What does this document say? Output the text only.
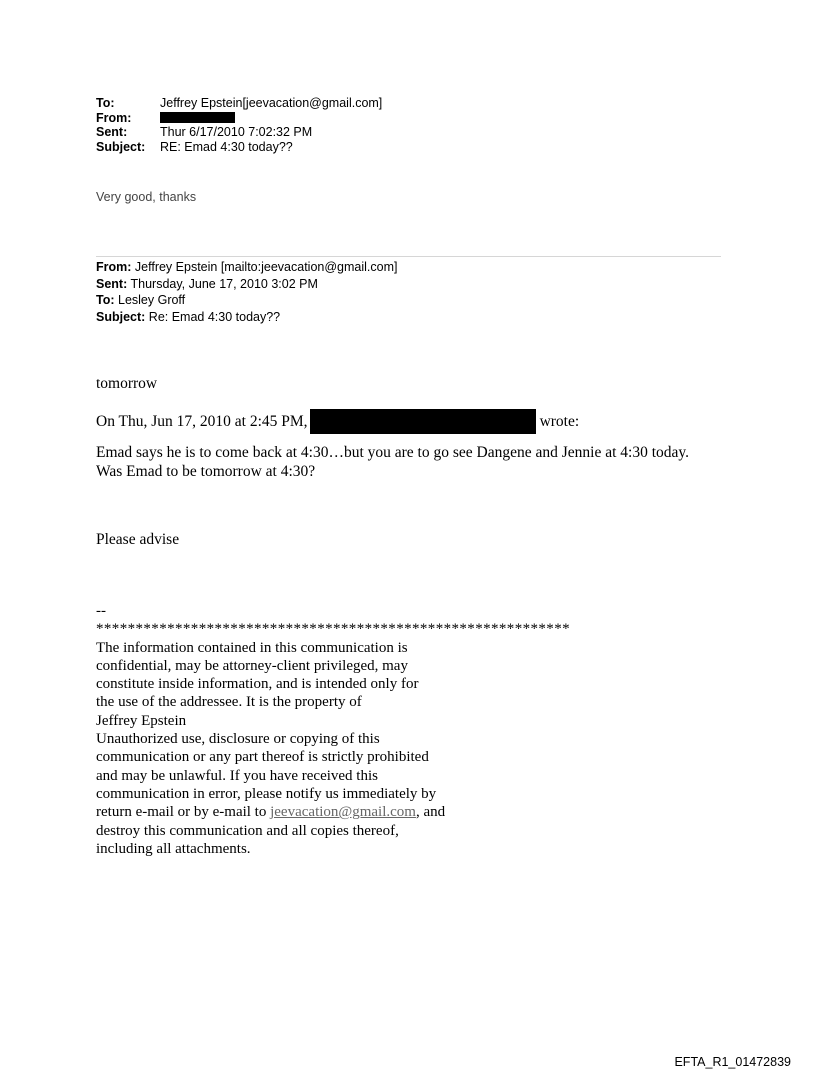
To:	Jeffrey Epstein[jeevacation@gmail.com]
From:
Sent:	Thur 6/17/2010 7:02:32 PM
Subject:	RE: Emad 4:30 today??
Very good, thanks
From: Jeffrey Epstein [mailto:jeevacation@gmail.com]
Sent: Thursday, June 17, 2010 3:02 PM
To: Lesley Groff
Subject: Re: Emad 4:30 today??
tomorrow
On Thu, Jun 17, 2010 at 2:45 PM,	wrote:
Emad says he is to come back at 4:30…but you are to go see Dangene and Jennie at 4:30 today.
Was Emad to be tomorrow at 4:30?
Please advise
--
************************************************************
The information contained in this communication is
confidential, may be attorney-client privileged, may
constitute inside information, and is intended only for
the use of the addressee. It is the property of
Jeffrey Epstein
Unauthorized use, disclosure or copying of this
communication or any part thereof is strictly prohibited
and may be unlawful. If you have received this
communication in error, please notify us immediately by
return e-mail or by e-mail to jeevacation@gmail.com, and
destroy this communication and all copies thereof,
including all attachments.
EFTA_R1_01472839
